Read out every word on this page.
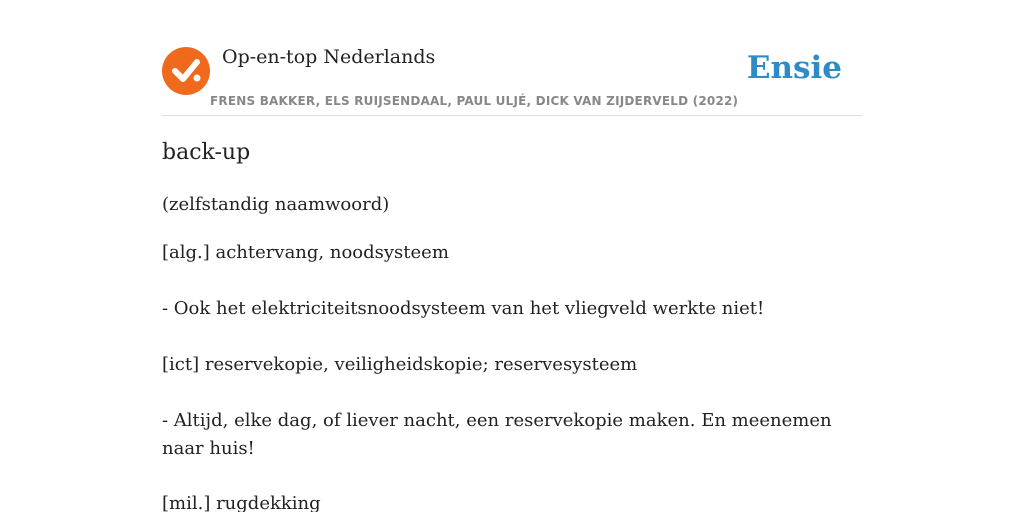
Op-en-top Nederlands
FRENS BAKKER, ELS RUIJSENDAAL, PAUL ULJÉ, DICK VAN ZIJDERVELD (2022)
Ensie
back-up
(zelfstandig naamwoord)
[alg.] achtervang, noodsysteem
- Ook het elektriciteitsnoodsysteem van het vliegveld werkte niet!
[ict] reservekopie, veiligheidskopie; reservesysteem
- Altijd, elke dag, of liever nacht, een reservekopie maken. En meenemen naar huis!
[mil.] rugdekking
